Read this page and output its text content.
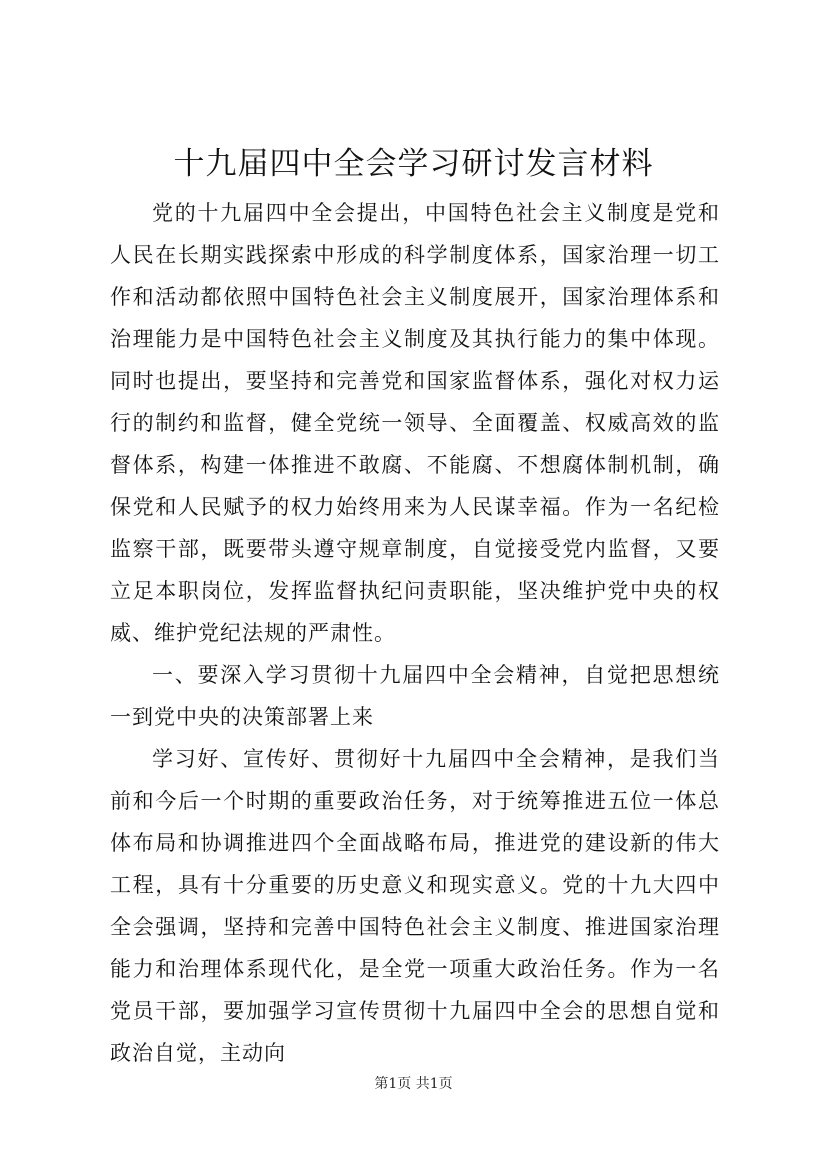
十九届四中全会学习研讨发言材料

党的十九届四中全会提出，中国特色社会主义制度是党和人民在长期实践探索中形成的科学制度体系，国家治理一切工作和活动都依照中国特色社会主义制度展开，国家治理体系和治理能力是中国特色社会主义制度及其执行能力的集中体现。同时也提出，要坚持和完善党和国家监督体系，强化对权力运行的制约和监督，健全党统一领导、全面覆盖、权威高效的监督体系，构建一体推进不敢腐、不能腐、不想腐体制机制，确保党和人民赋予的权力始终用来为人民谋幸福。作为一名纪检监察干部，既要带头遵守规章制度，自觉接受党内监督，又要立足本职岗位，发挥监督执纪问责职能，坚决维护党中央的权威、维护党纪法规的严肃性。

一、要深入学习贯彻十九届四中全会精神，自觉把思想统一到党中央的决策部署上来

学习好、宣传好、贯彻好十九届四中全会精神，是我们当前和今后一个时期的重要政治任务，对于统筹推进五位一体总体布局和协调推进四个全面战略布局，推进党的建设新的伟大工程，具有十分重要的历史意义和现实意义。党的十九大四中全会强调，坚持和完善中国特色社会主义制度、推进国家治理能力和治理体系现代化，是全党一项重大政治任务。作为一名党员干部，要加强学习宣传贯彻十九届四中全会的思想自觉和政治自觉，主动向

第1页 共1页
